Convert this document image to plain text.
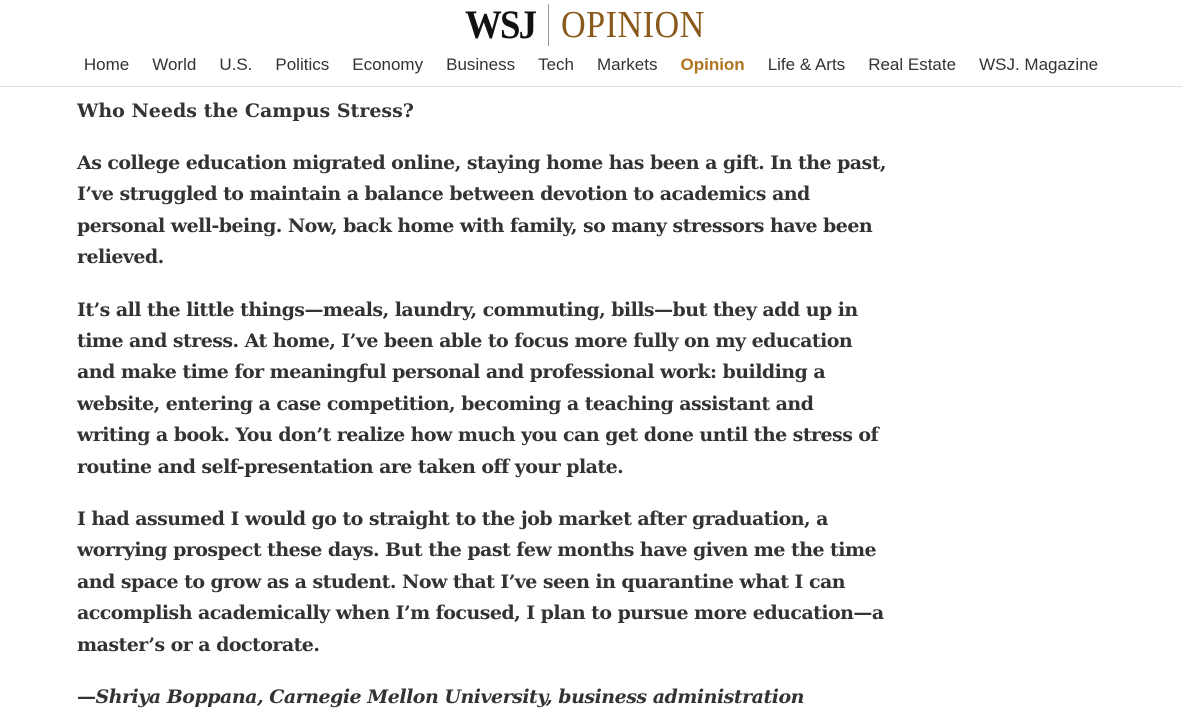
WSJ OPINION
Home	World	U.S.	Politics	Economy	Business	Tech	Markets	Opinion	Life & Arts	Real Estate	WSJ. Magazine
Who Needs the Campus Stress?

As college education migrated online, staying home has been a gift. In the past, I’ve struggled to maintain a balance between devotion to academics and personal well-being. Now, back home with family, so many stressors have been relieved.

It’s all the little things—meals, laundry, commuting, bills—but they add up in time and stress. At home, I’ve been able to focus more fully on my education and make time for meaningful personal and professional work: building a website, entering a case competition, becoming a teaching assistant and writing a book. You don’t realize how much you can get done until the stress of routine and self-presentation are taken off your plate.

I had assumed I would go to straight to the job market after graduation, a worrying prospect these days. But the past few months have given me the time and space to grow as a student. Now that I’ve seen in quarantine what I can accomplish academically when I’m focused, I plan to pursue more education—a master’s or a doctorate.

—Shriya Boppana, Carnegie Mellon University, business administration
